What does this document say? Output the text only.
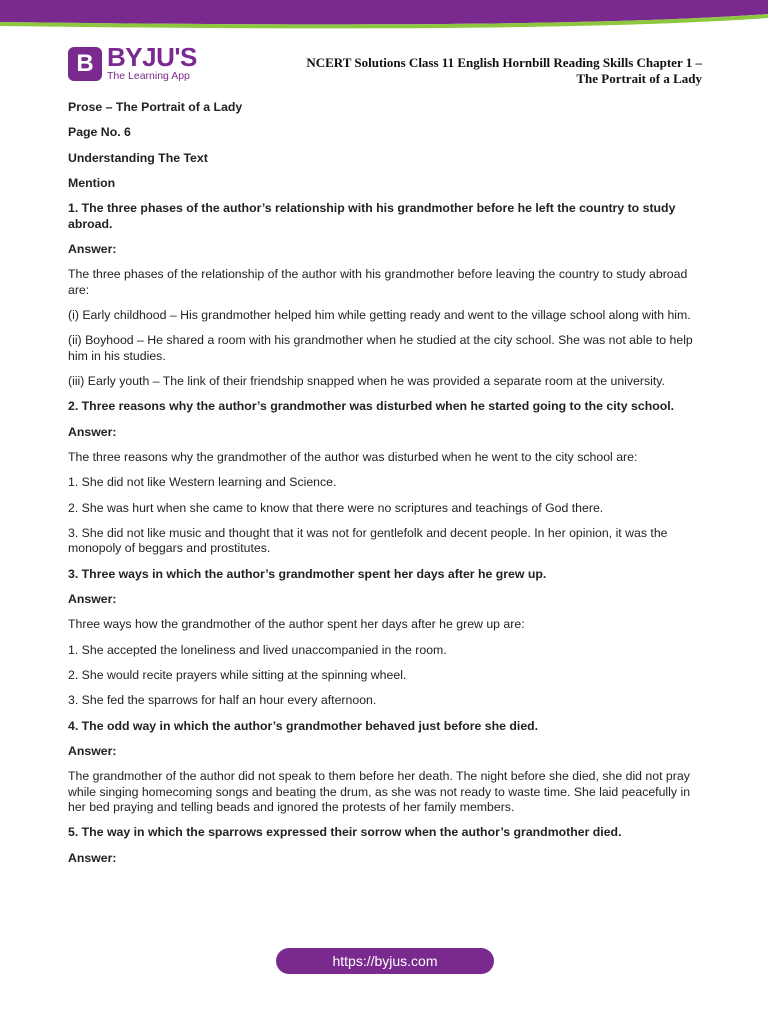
B BYJU'S
The Learning App
NCERT Solutions Class 11 English Hornbill Reading Skills Chapter 1 –
The Portrait of a Lady

Prose – The Portrait of a Lady

Page No. 6

Understanding The Text

Mention

1. The three phases of the author’s relationship with his grandmother before he left the country to study abroad.

Answer:

The three phases of the relationship of the author with his grandmother before leaving the country to study abroad are:

(i) Early childhood – His grandmother helped him while getting ready and went to the village school along with him.

(ii) Boyhood – He shared a room with his grandmother when he studied at the city school. She was not able to help him in his studies.

(iii) Early youth – The link of their friendship snapped when he was provided a separate room at the university.

2. Three reasons why the author’s grandmother was disturbed when he started going to the city school.

Answer:

The three reasons why the grandmother of the author was disturbed when he went to the city school are:

1. She did not like Western learning and Science.

2. She was hurt when she came to know that there were no scriptures and teachings of God there.

3. She did not like music and thought that it was not for gentlefolk and decent people. In her opinion, it was the monopoly of beggars and prostitutes.

3. Three ways in which the author’s grandmother spent her days after he grew up.

Answer:

Three ways how the grandmother of the author spent her days after he grew up are:

1. She accepted the loneliness and lived unaccompanied in the room.

2. She would recite prayers while sitting at the spinning wheel.

3. She fed the sparrows for half an hour every afternoon.

4. The odd way in which the author’s grandmother behaved just before she died.

Answer:

The grandmother of the author did not speak to them before her death. The night before she died, she did not pray while singing homecoming songs and beating the drum, as she was not ready to waste time. She laid peacefully in her bed praying and telling beads and ignored the protests of her family members.

5. The way in which the sparrows expressed their sorrow when the author’s grandmother died.

Answer:

https://byjus.com
